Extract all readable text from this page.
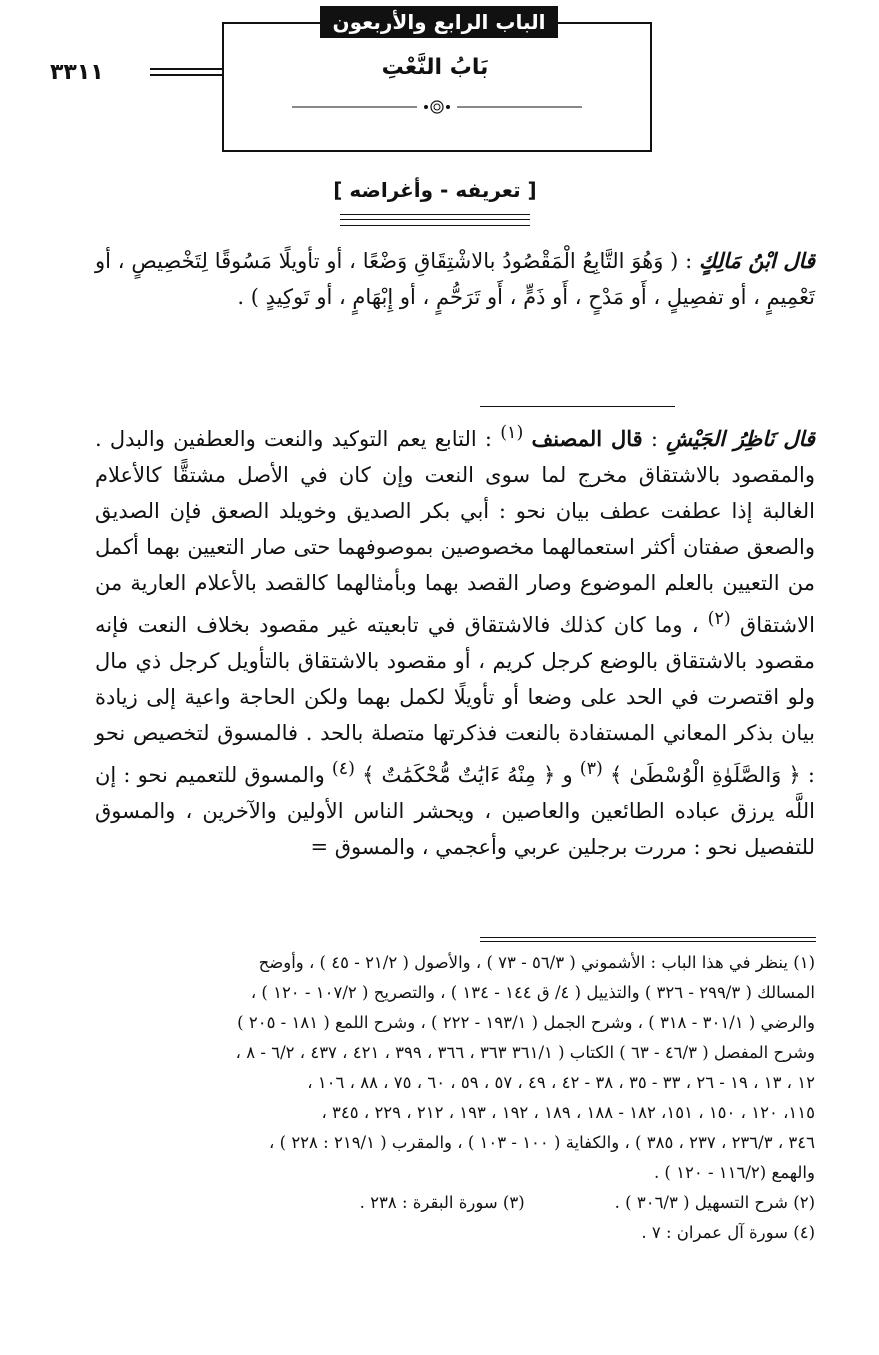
الباب الرابع والأربعون
بَابُ النَّعْتِ
٣٣١١
[ تعريفه - وأغراضه ]
قال ابْنُ مَالِكٍ : ( وَهُوَ التَّابِعُ الْمَقْصُودُ بالاشْتِقَاقِ وَضْعًا ، أو تأويلًا مَسُوقًا لِتَخْصِيصٍ ، أو تَعْمِيمٍ ، أو تفصِيلٍ ، أَو مَدْحٍ ، أَو ذَمٍّ ، أَو تَرَحُّمٍ ، أو إِبْهَامٍ ، أو تَوكِيدٍ ) .
قال نَاظِرُ الجَيْشِ : قال المصنف $^{(١)}$ : التابع يعم التوكيد والنعت والعطفين والبدل . والمقصود بالاشتقاق مخرج لما سوى النعت وإن كان في الأصل مشتقًّا كالأعلام الغالبة إذا عطفت عطف بيان نحو : أبي بكر الصديق وخويلد الصعق فإن الصديق والصعق صفتان أكثر استعمالهما مخصوصين بموصوفهما حتى صار التعيين بهما أكمل من التعيين بالعلم الموضوع وصار القصد بهما وبأمثالهما كالقصد بالأعلام العارية من الاشتقاق $^{(٢)}$ ، وما كان كذلك فالاشتقاق في تابعيته غير مقصود بخلاف النعت فإنه مقصود بالاشتقاق بالوضع كرجل كريم ، أو مقصود بالاشتقاق بالتأويل كرجل ذي مال ولو اقتصرت في الحد على وضعا أو تأويلًا لكمل بهما ولكن الحاجة واعية إلى زيادة بيان بذكر المعاني المستفادة بالنعت فذكرتها متصلة بالحد . فالمسوق لتخصيص نحو : ﴿ وَالصَّلَوٰةِ الْوُسْطَىٰ ﴾ $^{(٣)}$ و ﴿ مِنْهُ ءَايَٰتٌ مُّحْكَمَٰتٌ ﴾ $^{(٤)}$ والمسوق للتعميم نحو : إن اللَّه يرزق عباده الطائعين والعاصين ، ويحشر الناس الأولين والآخرين ، والمسوق للتفصيل نحو : مررت برجلين عربي وأعجمي ، والمسوق =
(١) ينظر في هذا الباب : الأشموني ( ٥٦/٣ - ٧٣ ) ، والأصول ( ٢١/٢ - ٤٥ ) ، وأوضح
المسالك ( ٢٩٩/٣ - ٣٢٦ ) والتذييل ( ٤/ ق ١٤٤ - ١٣٤ ) ، والتصريح ( ١٠٧/٢ - ١٢٠ ) ،
والرضي ( ٣٠١/١ - ٣١٨ ) ، وشرح الجمل ( ١٩٣/١ - ٢٢٢ ) ، وشرح اللمع ( ١٨١ - ٢٠٥ )
وشرح المفصل ( ٤٦/٣ - ٦٣ ) الكتاب ( ٣٦١/١ ٣٦٣ ، ٣٦٦ ، ٣٩٩ ، ٤٢١ ، ٤٣٧ ، ٦/٢ - ٨ ،
١٢ ، ١٣ ، ١٩ - ٢٦ ، ٣٣ - ٣٥ ، ٣٨ - ٤٢ ، ٤٩ ، ٥٧ ، ٥٩ ، ٦٠ ، ٧٥ ، ٨٨ ، ١٠٦ ،
١١٥، ١٢٠ ، ١٥٠ ، ١٥١، ١٨٢ - ١٨٨ ، ١٨٩ ، ١٩٢ ، ١٩٣ ، ٢١٢ ، ٢٢٩ ، ٣٤٥ ،
٣٤٦ ، ٢٣٦/٣ ، ٢٣٧ ، ٣٨٥ ) ، والكفاية ( ١٠٠ - ١٠٣ ) ، والمقرب ( ٢١٩/١ : ٢٢٨ ) ،
والهمع (١١٦/٢ - ١٢٠ ) .
(٢) شرح التسهيل ( ٣٠٦/٣ ) .
(٣) سورة البقرة : ٢٣٨ .
(٤) سورة آل عمران : ٧ .
